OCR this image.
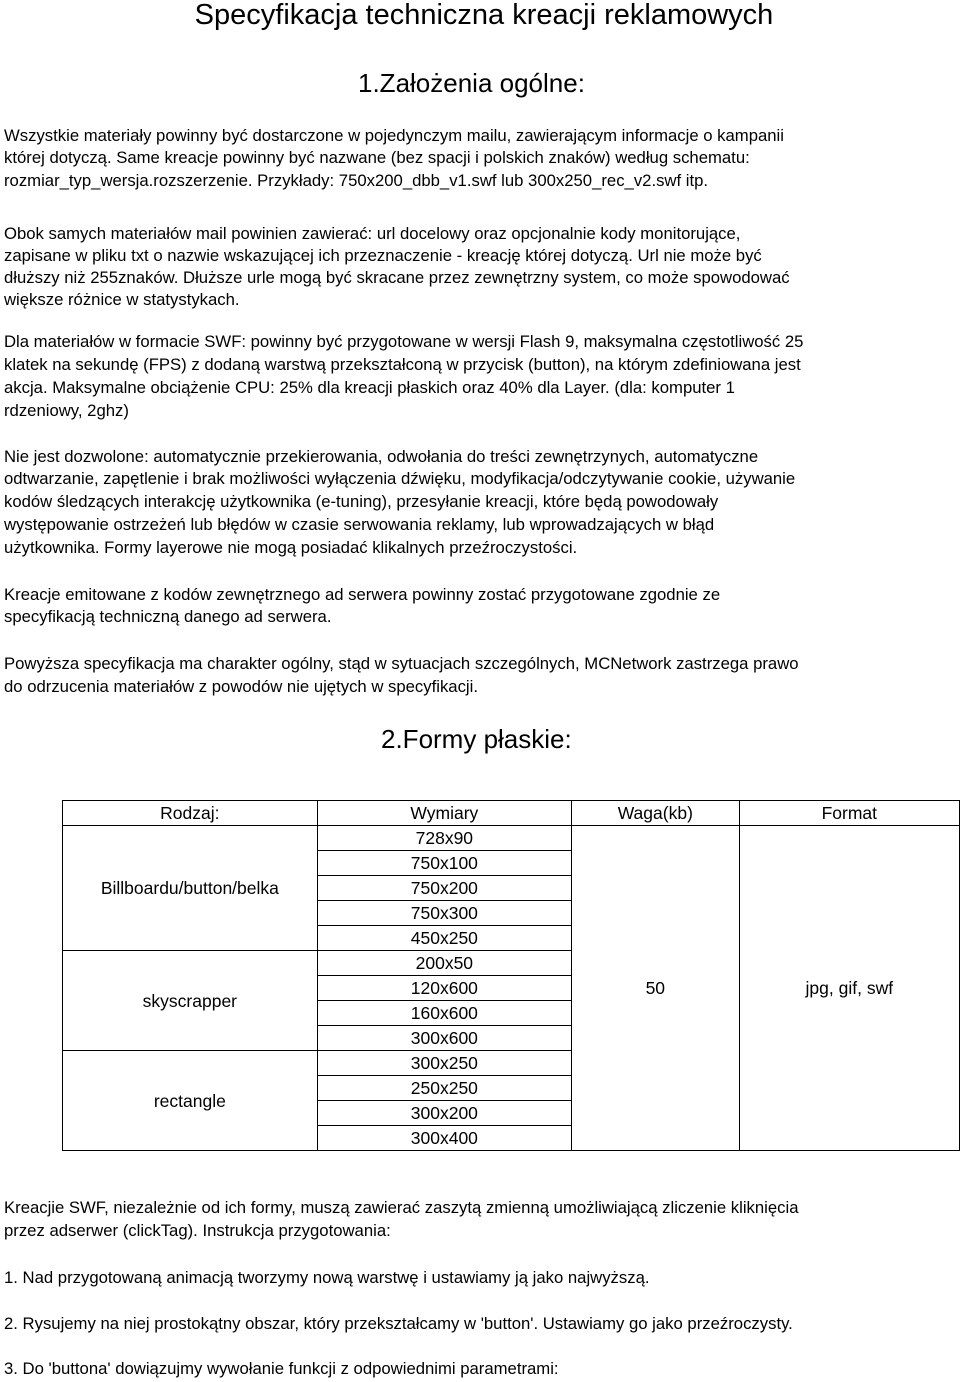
Specyfikacja techniczna kreacji reklamowych
1.Założenia ogólne:
Wszystkie materiały powinny być dostarczone w pojedynczym mailu, zawierającym informacje o kampanii
której dotyczą. Same kreacje powinny być nazwane (bez spacji i polskich znaków) według schematu:
rozmiar_typ_wersja.rozszerzenie. Przykłady: 750x200_dbb_v1.swf lub 300x250_rec_v2.swf itp.
Obok samych materiałów mail powinien zawierać: url docelowy oraz opcjonalnie kody monitorujące,
zapisane w pliku txt o nazwie wskazującej ich przeznaczenie - kreację której dotyczą. Url nie może być
dłuższy niż 255znaków. Dłuższe urle mogą być skracane przez zewnętrzny system, co może spowodować
większe różnice w statystykach.
Dla materiałów w formacie SWF: powinny być przygotowane w wersji Flash 9, maksymalna częstotliwość 25
klatek na sekundę (FPS) z dodaną warstwą przekształconą w przycisk (button), na którym zdefiniowana jest
akcja. Maksymalne obciążenie CPU: 25% dla kreacji płaskich oraz 40% dla Layer. (dla: komputer 1
rdzeniowy, 2ghz)
Nie jest dozwolone: automatycznie przekierowania, odwołania do treści zewnętrzynych, automatyczne
odtwarzanie, zapętlenie i brak możliwości wyłączenia dźwięku, modyfikacja/odczytywanie cookie, używanie
kodów śledzących interakcję użytkownika (e-tuning), przesyłanie kreacji, które będą powodowały
występowanie ostrzeżeń lub błędów w czasie serwowania reklamy, lub wprowadzających w błąd
użytkownika. Formy layerowe nie mogą posiadać klikalnych przeźroczystości.
Kreacje emitowane z kodów zewnętrznego ad serwera powinny zostać przygotowane zgodnie ze
specyfikacją techniczną danego ad serwera.
Powyższa specyfikacja ma charakter ogólny, stąd w sytuacjach szczególnych, MCNetwork zastrzega prawo
do odrzucenia materiałów z powodów nie ujętych w specyfikacji.
2.Formy płaskie:
Rodzaj:	Wymiary	Waga(kb)	Format
Billboardu/button/belka	728x90	50	jpg, gif, swf
	750x100		
	750x200		
	750x300		
	450x250		
skyscrapper	200x50		
	120x600		
	160x600		
	300x600		
rectangle	300x250		
	250x250		
	300x200		
	300x400		
Kreacjie SWF, niezależnie od ich formy, muszą zawierać zaszytą zmienną umożliwiającą zliczenie kliknięcia
przez adserwer (clickTag). Instrukcja przygotowania:
1. Nad przygotowaną animacją tworzymy nową warstwę i ustawiamy ją jako najwyższą.
2. Rysujemy na niej prostokątny obszar, który przekształcamy w 'button'. Ustawiamy go jako przeźroczysty.
3. Do 'buttona' dowiązujmy wywołanie funkcji z odpowiednimi parametrami:
